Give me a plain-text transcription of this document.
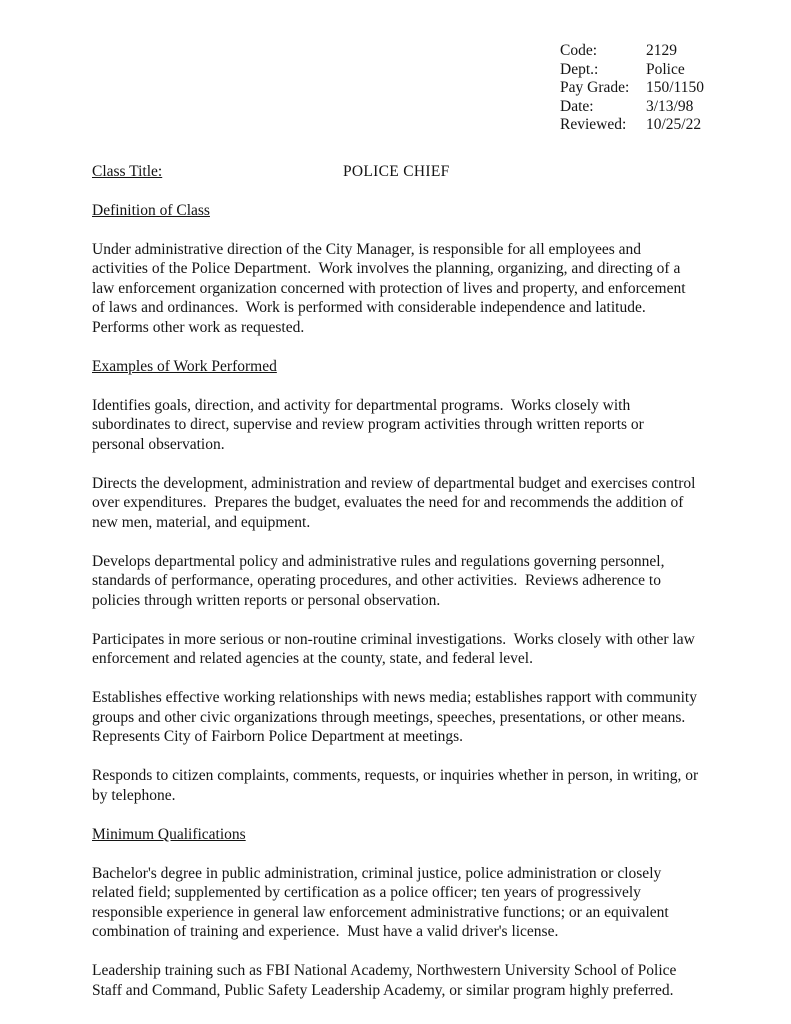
Code:	2129
Dept.:	Police
Pay Grade:	150/1150
Date:	3/13/98
Reviewed:	10/25/22
Class Title:	POLICE CHIEF
Definition of Class

Under administrative direction of the City Manager, is responsible for all employees and activities of the Police Department.  Work involves the planning, organizing, and directing of a law enforcement organization concerned with protection of lives and property, and enforcement of laws and ordinances.  Work is performed with considerable independence and latitude.  Performs other work as requested.

Examples of Work Performed

Identifies goals, direction, and activity for departmental programs.  Works closely with subordinates to direct, supervise and review program activities through written reports or personal observation.

Directs the development, administration and review of departmental budget and exercises control over expenditures.  Prepares the budget, evaluates the need for and recommends the addition of new men, material, and equipment.

Develops departmental policy and administrative rules and regulations governing personnel, standards of performance, operating procedures, and other activities.  Reviews adherence to policies through written reports or personal observation.

Participates in more serious or non-routine criminal investigations.  Works closely with other law enforcement and related agencies at the county, state, and federal level.

Establishes effective working relationships with news media; establishes rapport with community groups and other civic organizations through meetings, speeches, presentations, or other means.  Represents City of Fairborn Police Department at meetings.

Responds to citizen complaints, comments, requests, or inquiries whether in person, in writing, or by telephone.

Minimum Qualifications

Bachelor's degree in public administration, criminal justice, police administration or closely related field; supplemented by certification as a police officer; ten years of progressively responsible experience in general law enforcement administrative functions; or an equivalent combination of training and experience.  Must have a valid driver's license.

Leadership training such as FBI National Academy, Northwestern University School of Police Staff and Command, Public Safety Leadership Academy, or similar program highly preferred.
